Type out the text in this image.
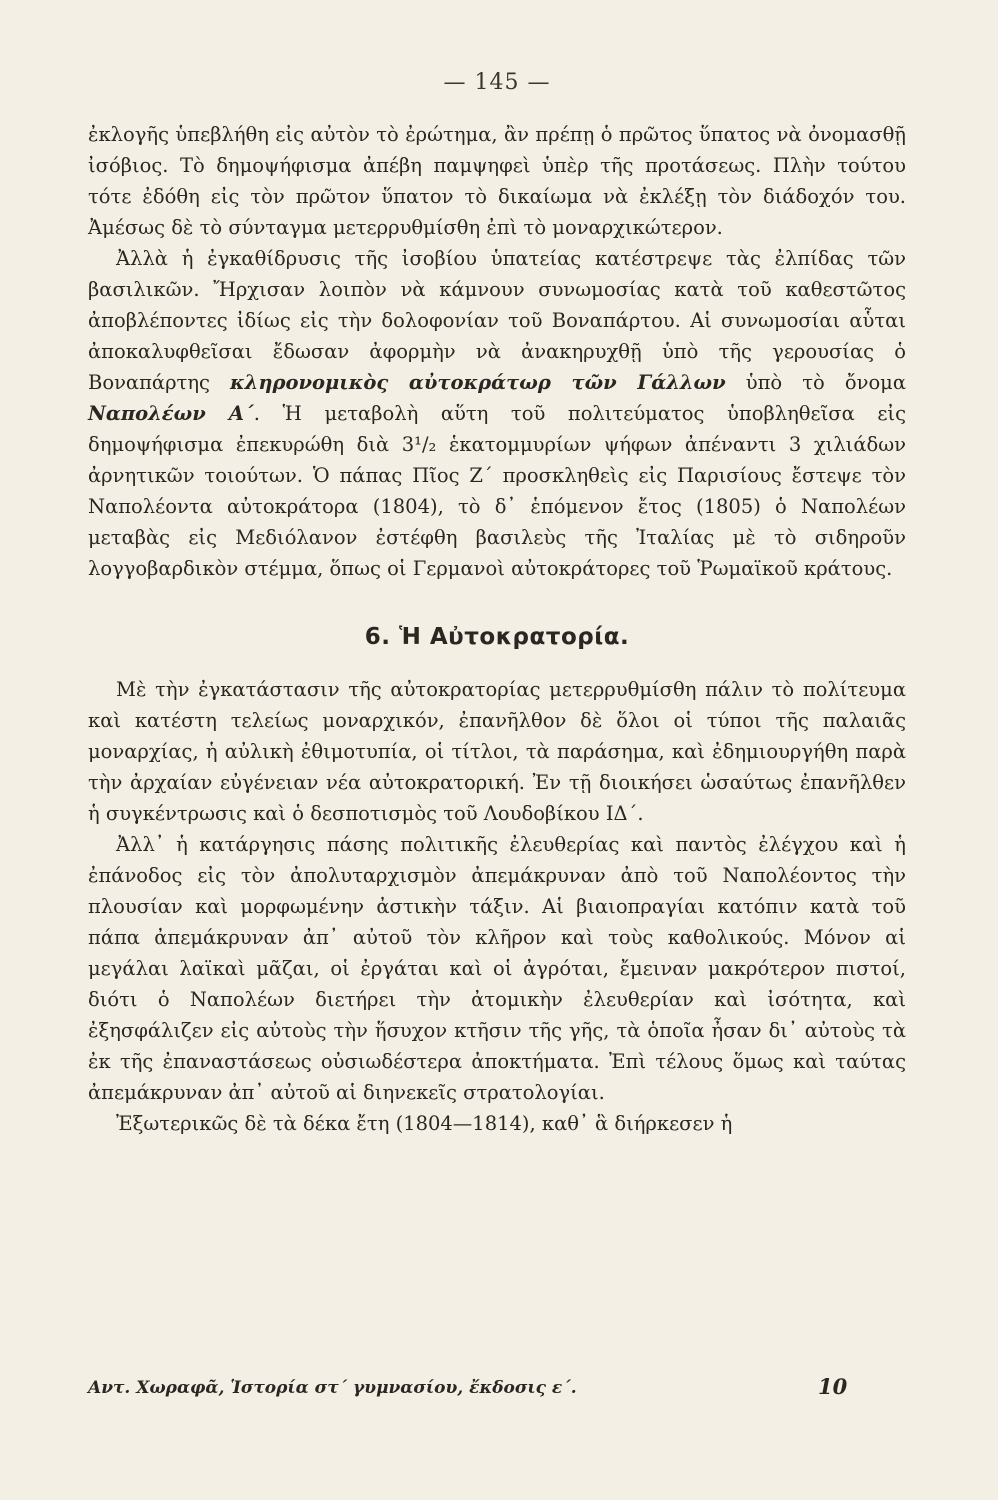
— 145 —

ἐκλογῆς ὑπεβλήθη εἰς αὐτὸν τὸ ἐρώτημα, ἂν πρέπῃ ὁ πρῶτος ὕπατος νὰ ὀνομασθῇ ἰσόβιος. Τὸ δημοψήφισμα ἀπέβη παμψηφεὶ ὑπὲρ τῆς προτάσεως. Πλὴν τούτου τότε ἐδόθη εἰς τὸν πρῶτον ὕπατον τὸ δικαίωμα νὰ ἐκλέξῃ τὸν διάδοχόν του. Ἀμέσως δὲ τὸ σύνταγμα μετερρυθμίσθη ἐπὶ τὸ μοναρχικώτερον.

Ἀλλὰ ἡ ἐγκαθίδρυσις τῆς ἰσοβίου ὑπατείας κατέστρεψε τὰς ἐλπίδας τῶν βασιλικῶν. Ἤρχισαν λοιπὸν νὰ κάμνουν συνωμοσίας κατὰ τοῦ καθεστῶτος ἀποβλέποντες ἰδίως εἰς τὴν δολοφονίαν τοῦ Βοναπάρτου. Αἱ συνωμοσίαι αὗται ἀποκαλυφθεῖσαι ἔδωσαν ἀφορμὴν νὰ ἀνακηρυχθῇ ὑπὸ τῆς γερουσίας ὁ Βοναπάρτης κληρονομικὸς αὐτοκράτωρ τῶν Γάλλων ὑπὸ τὸ ὄνομα Ναπολέων Α΄. Ἡ μεταβολὴ αὕτη τοῦ πολιτεύματος ὑποβληθεῖσα εἰς δημοψήφισμα ἐπεκυρώθη διὰ 3¹/₂ ἑκατομμυρίων ψήφων ἀπέναντι 3 χιλιάδων ἀρνητικῶν τοιούτων. Ὁ πάπας Πῖος Ζ΄ προσκληθεὶς εἰς Παρισίους ἔστεψε τὸν Ναπολέοντα αὐτοκράτορα (1804), τὸ δ᾽ ἑπόμενον ἔτος (1805) ὁ Ναπολέων μεταβὰς εἰς Μεδιόλανον ἐστέφθη βασιλεὺς τῆς Ἰταλίας μὲ τὸ σιδηροῦν λογγοβαρδικὸν στέμμα, ὅπως οἱ Γερμανοὶ αὐτοκράτορες τοῦ Ῥωμαϊκοῦ κράτους.

6. Ἡ Αὐτοκρατορία.

Μὲ τὴν ἐγκατάστασιν τῆς αὐτοκρατορίας μετερρυθμίσθη πάλιν τὸ πολίτευμα καὶ κατέστη τελείως μοναρχικόν, ἐπανῆλθον δὲ ὅλοι οἱ τύποι τῆς παλαιᾶς μοναρχίας, ἡ αὐλικὴ ἐθιμοτυπία, οἱ τίτλοι, τὰ παράσημα, καὶ ἐδημιουργήθη παρὰ τὴν ἀρχαίαν εὐγένειαν νέα αὐτοκρατορική. Ἐν τῇ διοικήσει ὡσαύτως ἐπανῆλθεν ἡ συγκέντρωσις καὶ ὁ δεσποτισμὸς τοῦ Λουδοβίκου ΙΔ΄.

Ἀλλ᾽ ἡ κατάργησις πάσης πολιτικῆς ἐλευθερίας καὶ παντὸς ἐλέγχου καὶ ἡ ἐπάνοδος εἰς τὸν ἀπολυταρχισμὸν ἀπεμάκρυναν ἀπὸ τοῦ Ναπολέοντος τὴν πλουσίαν καὶ μορφωμένην ἀστικὴν τάξιν. Αἱ βιαιοπραγίαι κατόπιν κατὰ τοῦ πάπα ἀπεμάκρυναν ἀπ᾽ αὐτοῦ τὸν κλῆρον καὶ τοὺς καθολικούς. Μόνον αἱ μεγάλαι λαϊκαὶ μᾶζαι, οἱ ἐργάται καὶ οἱ ἀγρόται, ἔμειναν μακρότερον πιστοί, διότι ὁ Ναπολέων διετήρει τὴν ἀτομικὴν ἐλευθερίαν καὶ ἰσότητα, καὶ ἐξησφάλιζεν εἰς αὐτοὺς τὴν ἥσυχον κτῆσιν τῆς γῆς, τὰ ὁποῖα ἦσαν δι᾽ αὐτοὺς τὰ ἐκ τῆς ἐπαναστάσεως οὐσιωδέστερα ἀποκτήματα. Ἐπὶ τέλους ὅμως καὶ ταύτας ἀπεμάκρυναν ἀπ᾽ αὐτοῦ αἱ διηνεκεῖς στρατολογίαι.

Ἐξωτερικῶς δὲ τὰ δέκα ἔτη (1804—1814), καθ᾽ ἃ διήρκεσεν ἡ

Αντ. Χωραφᾶ, Ἱστορία στ΄ γυμνασίου, ἔκδοσις ε΄.	10
